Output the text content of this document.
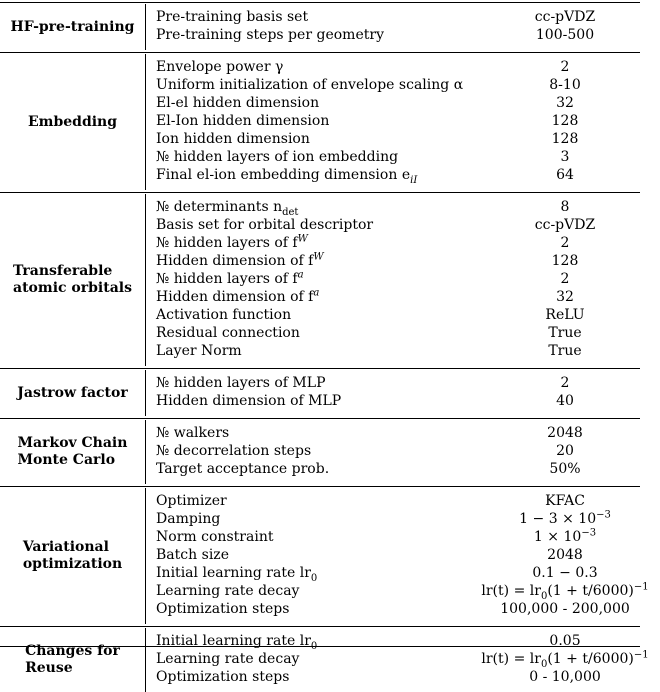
HF-pre-training
Pre-training basis set	cc-pVDZ
Pre-training steps per geometry	100-500
Embedding
Envelope power γ	2
Uniform initialization of envelope scaling α	8-10
El-el hidden dimension	32
El-Ion hidden dimension	128
Ion hidden dimension	128
№ hidden layers of ion embedding	3
Final el-ion embedding dimension $e_{iI}$	64
Transferable
atomic orbitals
№ determinants $n_{det}$	8
Basis set for orbital descriptor	cc-pVDZ
№ hidden layers of $f^W$	2
Hidden dimension of $f^W$	128
№ hidden layers of $f^a$	2
Hidden dimension of $f^a$	32
Activation function	ReLU
Residual connection	True
Layer Norm	True
Jastrow factor
№ hidden layers of MLP	2
Hidden dimension of MLP	40
Markov Chain
Monte Carlo
№ walkers	2048
№ decorrelation steps	20
Target acceptance prob.	50%
Variational
optimization
Optimizer	KFAC
Damping	$1 - 3 \times 10^{-3}$
Norm constraint	$1 \times 10^{-3}$
Batch size	2048
Initial learning rate $lr_0$	0.1 − 0.3
Learning rate decay	$lr(t) = lr_0(1 + t/6000)^{-1}$
Optimization steps	100,000 - 200,000
Changes for
Reuse
Initial learning rate $lr_0$	0.05
Learning rate decay	$lr(t) = lr_0(1 + t/6000)^{-1}$
Optimization steps	0 - 10,000
